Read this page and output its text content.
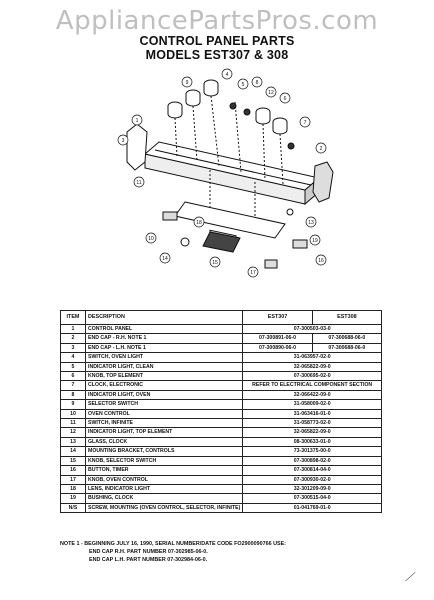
AppliancePartsPros.com
CONTROL PANEL PARTS
MODELS EST307 & 308
1
2
3
4
5
6
7
8
9
10
11
12
13
14
15	16
17
18
19
ITEM	DESCRIPTION	EST307	EST308
1	CONTROL PANEL	07-300503-03-0	
2	END CAP - R.H. NOTE 1	07-300891-06-0	07-300688-06-0
3	END CAP - L.H. NOTE 1	07-300890-06-0	07-300688-06-0
4	SWITCH, OVEN LIGHT	31-063957-02-0	
5	INDICATOR LIGHT, CLEAN	32-065822-09-0	
6	KNOB, TOP ELEMENT	07-300695-02-0	
7	CLOCK, ELECTRONIC	REFER TO ELECTRICAL COMPONENT SECTION	
8	INDICATOR LIGHT, OVEN	32-066422-09-0	
9	SELECTOR SWITCH	31-058009-02-0	
10	OVEN CONTROL	31-063416-01-0	
11	SWITCH, INFINITE	31-058773-02-0	
12	INDICATOR LIGHT, TOP ELEMENT	32-065822-09-0	
13	GLASS, CLOCK	08-300633-01-0	
14	MOUNTING BRACKET, CONTROLS	73-301375-00-0	
15	KNOB, SELECTOR SWITCH	07-300898-02-0	
16	BUTTON, TIMER	07-300814-04-0	
17	KNOB, OVEN CONTROL	07-300930-02-0	
18	LENS, INDICATOR LIGHT	32-301209-09-0	
19	BUSHING, CLOCK	07-300515-04-0	
N/S	SCREW, MOUNTING (OVEN CONTROL, SELECTOR, INFINITE)	01-041769-01-0	
NOTE 1 - BEGINNING JULY 16, 1990, SERIAL NUMBER/DATE CODE FO2900090766 USE:
END CAP R.H. PART NUMBER 07-302985-06-0.
END CAP L.H. PART NUMBER 07-302984-06-0.
⟋
